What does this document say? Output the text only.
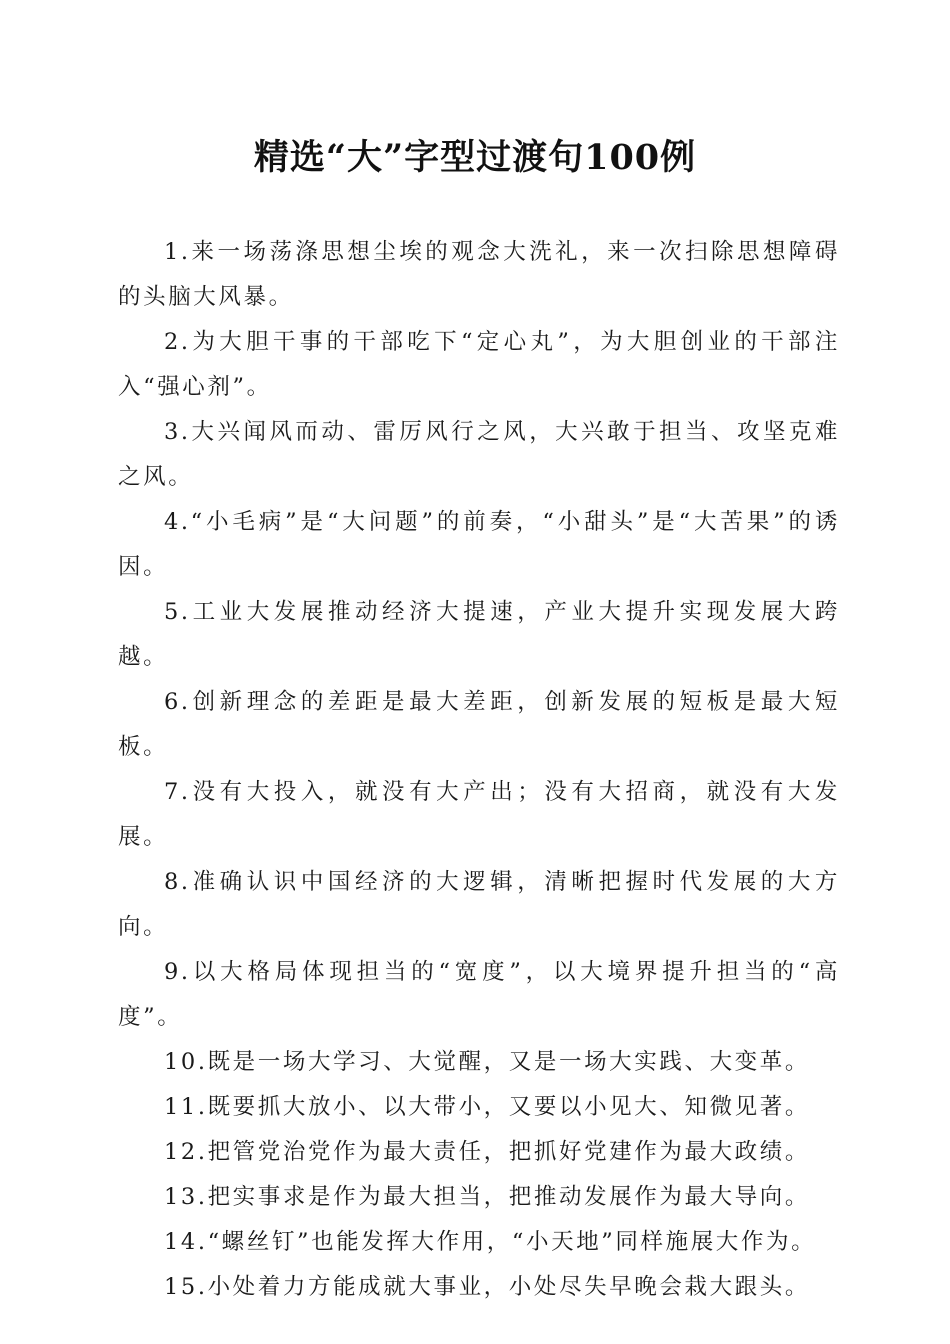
精选“大”字型过渡句100例

1.来一场荡涤思想尘埃的观念大洗礼，来一次扫除思想障碍的头脑大风暴。

2.为大胆干事的干部吃下“定心丸”，为大胆创业的干部注入“强心剂”。

3.大兴闻风而动、雷厉风行之风，大兴敢于担当、攻坚克难之风。

4.“小毛病”是“大问题”的前奏，“小甜头”是“大苦果”的诱因。

5.工业大发展推动经济大提速，产业大提升实现发展大跨越。

6.创新理念的差距是最大差距，创新发展的短板是最大短板。

7.没有大投入，就没有大产出；没有大招商，就没有大发展。

8.准确认识中国经济的大逻辑，清晰把握时代发展的大方向。

9.以大格局体现担当的“宽度”，以大境界提升担当的“高度”。

10.既是一场大学习、大觉醒，又是一场大实践、大变革。

11.既要抓大放小、以大带小，又要以小见大、知微见著。

12.把管党治党作为最大责任，把抓好党建作为最大政绩。

13.把实事求是作为最大担当，把推动发展作为最大导向。

14.“螺丝钉”也能发挥大作用，“小天地”同样施展大作为。

15.小处着力方能成就大事业，小处尽失早晚会栽大跟头。
